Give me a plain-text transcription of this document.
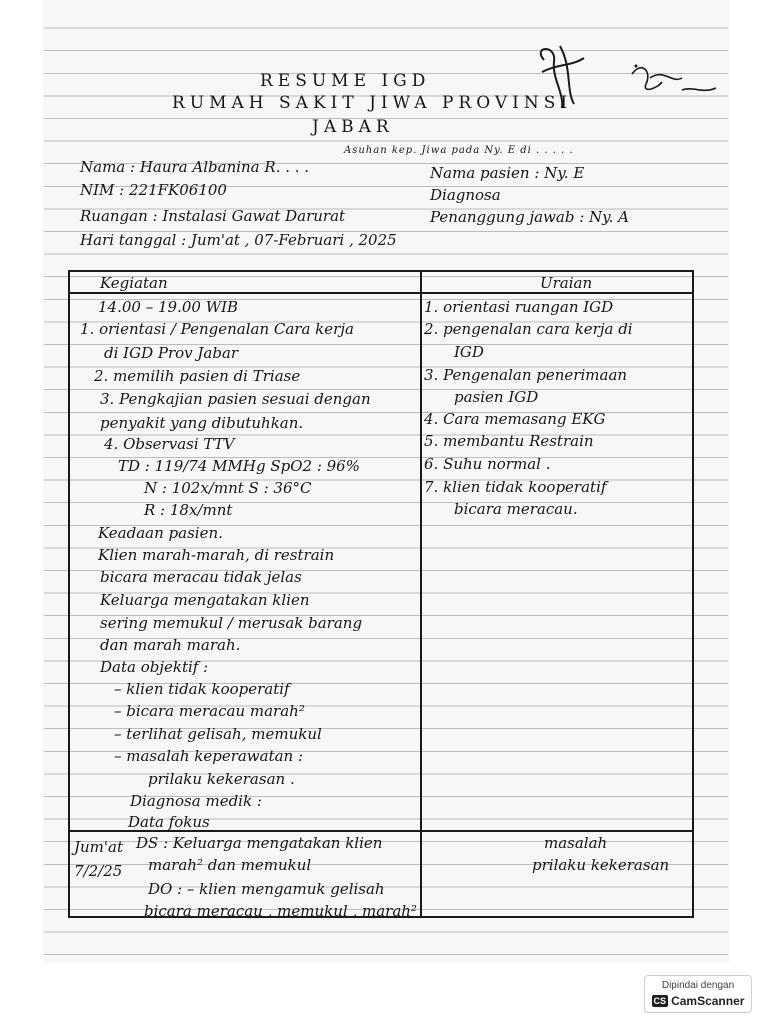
RESUME IGD
RUMAH SAKIT JIWA PROVINSI
JABAR
Asuhan kep. Jiwa pada Ny. E di . . . . .
Nama : Haura Albanina R. . . .
NIM : 221FK06100
Ruangan : Instalasi Gawat Darurat
Hari tanggal : Jum'at , 07-Februari , 2025
Nama pasien : Ny. E
Diagnosa
Penanggung jawab : Ny. A
Kegiatan	Uraian
14.00 – 19.00 WIB
1. orientasi / Pengenalan Cara kerja
di IGD Prov Jabar
2. memilih pasien di Triase
3. Pengkajian pasien sesuai dengan
penyakit yang dibutuhkan.
4. Observasi TTV
TD : 119/74 MMHg SpO2 : 96%
N : 102x/mnt S : 36°C
R : 18x/mnt
Keadaan pasien.
Klien marah-marah, di restrain
bicara meracau tidak jelas
Keluarga mengatakan klien
sering memukul / merusak barang
dan marah marah.
Data objektif :
– klien tidak kooperatif
– bicara meracau marah²
– terlihat gelisah, memukul
– masalah keperawatan :
prilaku kekerasan .
Diagnosa medik :
Data fokus
1. orientasi ruangan IGD
2. pengenalan cara kerja di
IGD
3. Pengenalan penerimaan
pasien IGD
4. Cara memasang EKG
5. membantu Restrain
6. Suhu normal .
7. klien tidak kooperatif
bicara meracau.
Jum'at
7/2/25
DS : Keluarga mengatakan klien
marah² dan memukul
DO : – klien mengamuk gelisah
bicara meracau , memukul , marah²
masalah
prilaku kekerasan
Dipindai dengan
CS CamScanner
